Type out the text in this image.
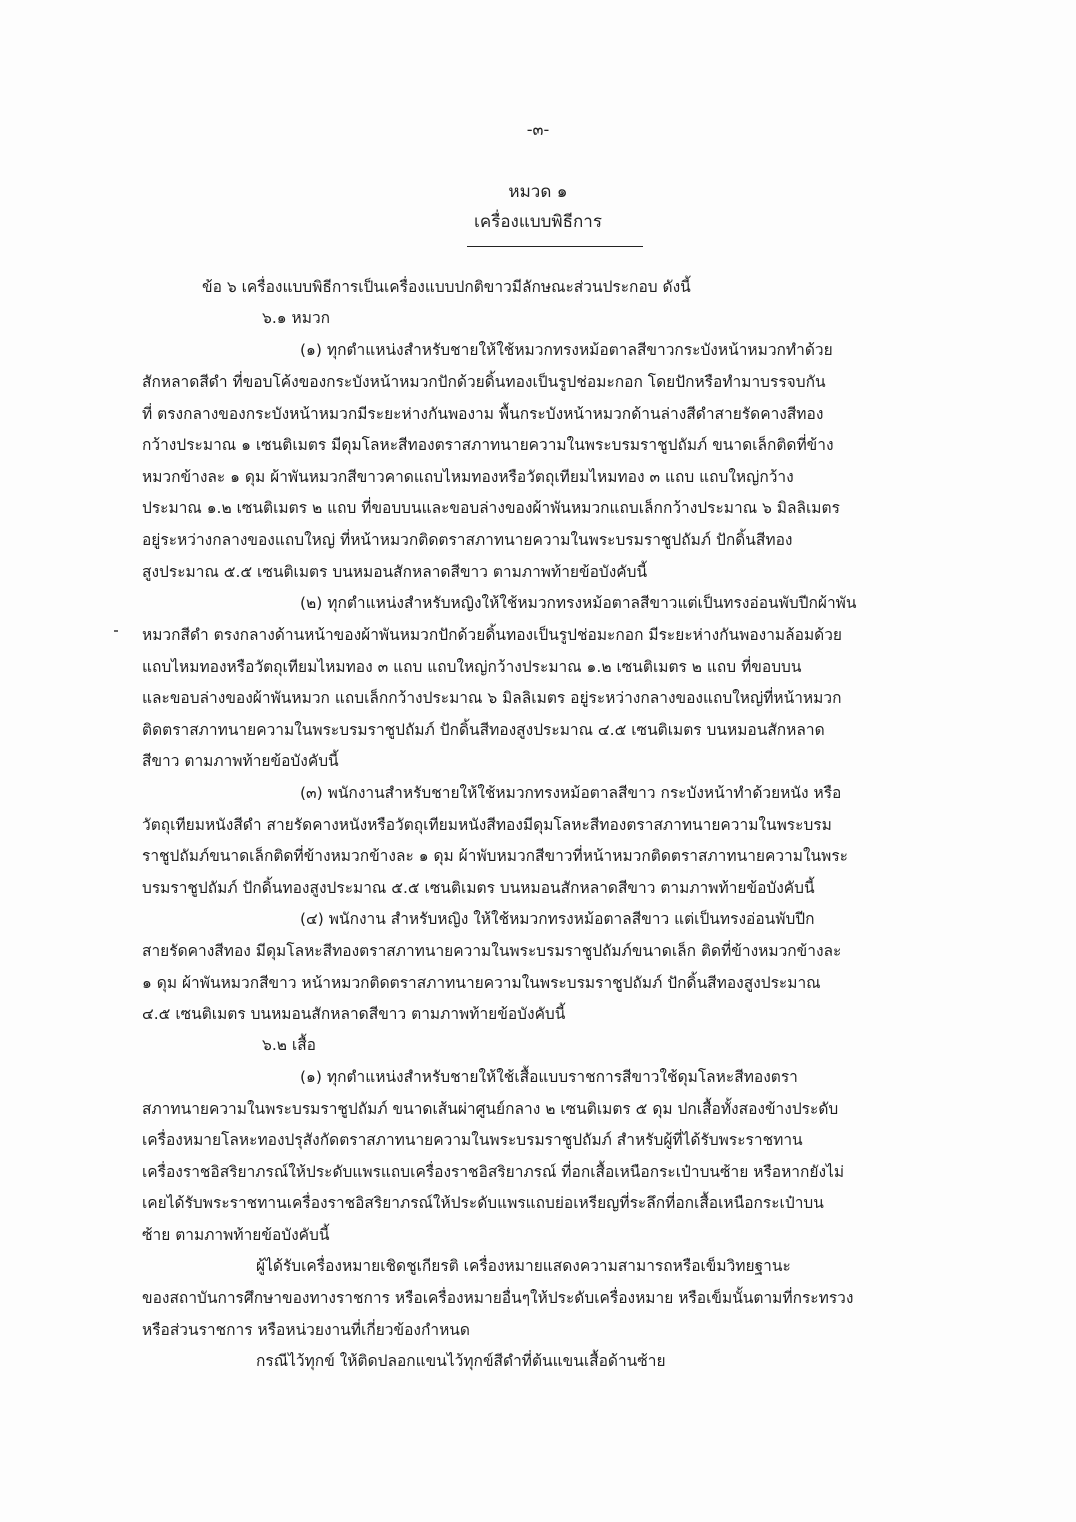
-๓-
หมวด ๑
เครื่องแบบพิธีการ
ข้อ ๖ เครื่องแบบพิธีการเป็นเครื่องแบบปกติขาวมีลักษณะส่วนประกอบ ดังนี้
๖.๑ หมวก
(๑) ทุกตำแหน่งสำหรับชายให้ใช้หมวกทรงหม้อตาลสีขาวกระบังหน้าหมวกทำด้วย
สักหลาดสีดำ ที่ขอบโค้งของกระบังหน้าหมวกปักด้วยดิ้นทองเป็นรูปช่อมะกอก โดยปักหรือทำมาบรรจบกัน
ที่ ตรงกลางของกระบังหน้าหมวกมีระยะห่างกันพองาม พื้นกระบังหน้าหมวกด้านล่างสีดำสายรัดคางสีทอง
กว้างประมาณ ๑ เซนติเมตร มีดุมโลหะสีทองตราสภาทนายความในพระบรมราชูปถัมภ์ ขนาดเล็กติดที่ข้าง
หมวกข้างละ ๑ ดุม ผ้าพันหมวกสีขาวคาดแถบไหมทองหรือวัตถุเทียมไหมทอง ๓ แถบ แถบใหญ่กว้าง
ประมาณ ๑.๒ เซนติเมตร ๒ แถบ ที่ขอบบนและขอบล่างของผ้าพันหมวกแถบเล็กกว้างประมาณ ๖ มิลลิเมตร
อยู่ระหว่างกลางของแถบใหญ่ ที่หน้าหมวกติดตราสภาทนายความในพระบรมราชูปถัมภ์ ปักดิ้นสีทอง
สูงประมาณ ๕.๕ เซนติเมตร บนหมอนสักหลาดสีขาว ตามภาพท้ายข้อบังคับนี้
(๒) ทุกตำแหน่งสำหรับหญิงให้ใช้หมวกทรงหม้อตาลสีขาวแต่เป็นทรงอ่อนพับปีกผ้าพัน
หมวกสีดำ ตรงกลางด้านหน้าของผ้าพันหมวกปักด้วยดิ้นทองเป็นรูปช่อมะกอก มีระยะห่างกันพองามล้อมด้วย
แถบไหมทองหรือวัตถุเทียมไหมทอง ๓ แถบ แถบใหญ่กว้างประมาณ ๑.๒ เซนติเมตร ๒ แถบ ที่ขอบบน
และขอบล่างของผ้าพันหมวก แถบเล็กกว้างประมาณ ๖ มิลลิเมตร อยู่ระหว่างกลางของแถบใหญ่ที่หน้าหมวก
ติดตราสภาทนายความในพระบรมราชูปถัมภ์ ปักดิ้นสีทองสูงประมาณ ๔.๕ เซนติเมตร บนหมอนสักหลาด
สีขาว ตามภาพท้ายข้อบังคับนี้
(๓) พนักงานสำหรับชายให้ใช้หมวกทรงหม้อตาลสีขาว กระบังหน้าทำด้วยหนัง หรือ
วัตถุเทียมหนังสีดำ สายรัดคางหนังหรือวัตถุเทียมหนังสีทองมีดุมโลหะสีทองตราสภาทนายความในพระบรม
ราชูปถัมภ์ขนาดเล็กติดที่ข้างหมวกข้างละ ๑ ดุม ผ้าพับหมวกสีขาวที่หน้าหมวกติดตราสภาทนายความในพระ
บรมราชูปถัมภ์ ปักดิ้นทองสูงประมาณ ๕.๕ เซนติเมตร บนหมอนสักหลาดสีขาว ตามภาพท้ายข้อบังคับนี้
(๔) พนักงาน สำหรับหญิง ให้ใช้หมวกทรงหม้อตาลสีขาว แต่เป็นทรงอ่อนพับปีก
สายรัดคางสีทอง มีดุมโลหะสีทองตราสภาทนายความในพระบรมราชูปถัมภ์ขนาดเล็ก ติดที่ข้างหมวกข้างละ
๑ ดุม ผ้าพันหมวกสีขาว หน้าหมวกติดตราสภาทนายความในพระบรมราชูปถัมภ์ ปักดิ้นสีทองสูงประมาณ
๔.๕ เซนติเมตร บนหมอนสักหลาดสีขาว ตามภาพท้ายข้อบังคับนี้
๖.๒ เสื้อ
(๑) ทุกตำแหน่งสำหรับชายให้ใช้เสื้อแบบราชการสีขาวใช้ดุมโลหะสีทองตรา
สภาทนายความในพระบรมราชูปถัมภ์ ขนาดเส้นผ่าศูนย์กลาง ๒ เซนติเมตร ๕ ดุม ปกเสื้อทั้งสองข้างประดับ
เครื่องหมายโลหะทองปรุสังกัดตราสภาทนายความในพระบรมราชูปถัมภ์ สำหรับผู้ที่ได้รับพระราชทาน
เครื่องราชอิสริยาภรณ์ให้ประดับแพรแถบเครื่องราชอิสริยาภรณ์ ที่อกเสื้อเหนือกระเป๋าบนซ้าย หรือหากยังไม่
เคยได้รับพระราชทานเครื่องราชอิสริยาภรณ์ให้ประดับแพรแถบย่อเหรียญที่ระลึกที่อกเสื้อเหนือกระเป๋าบน
ซ้าย ตามภาพท้ายข้อบังคับนี้
ผู้ได้รับเครื่องหมายเชิดชูเกียรติ เครื่องหมายแสดงความสามารถหรือเข็มวิทยฐานะ
ของสถาบันการศึกษาของทางราชการ หรือเครื่องหมายอื่นๆให้ประดับเครื่องหมาย หรือเข็มนั้นตามที่กระทรวง
หรือส่วนราชการ หรือหน่วยงานที่เกี่ยวข้องกำหนด
กรณีไว้ทุกข์ ให้ติดปลอกแขนไว้ทุกข์สีดำที่ต้นแขนเสื้อด้านซ้าย
